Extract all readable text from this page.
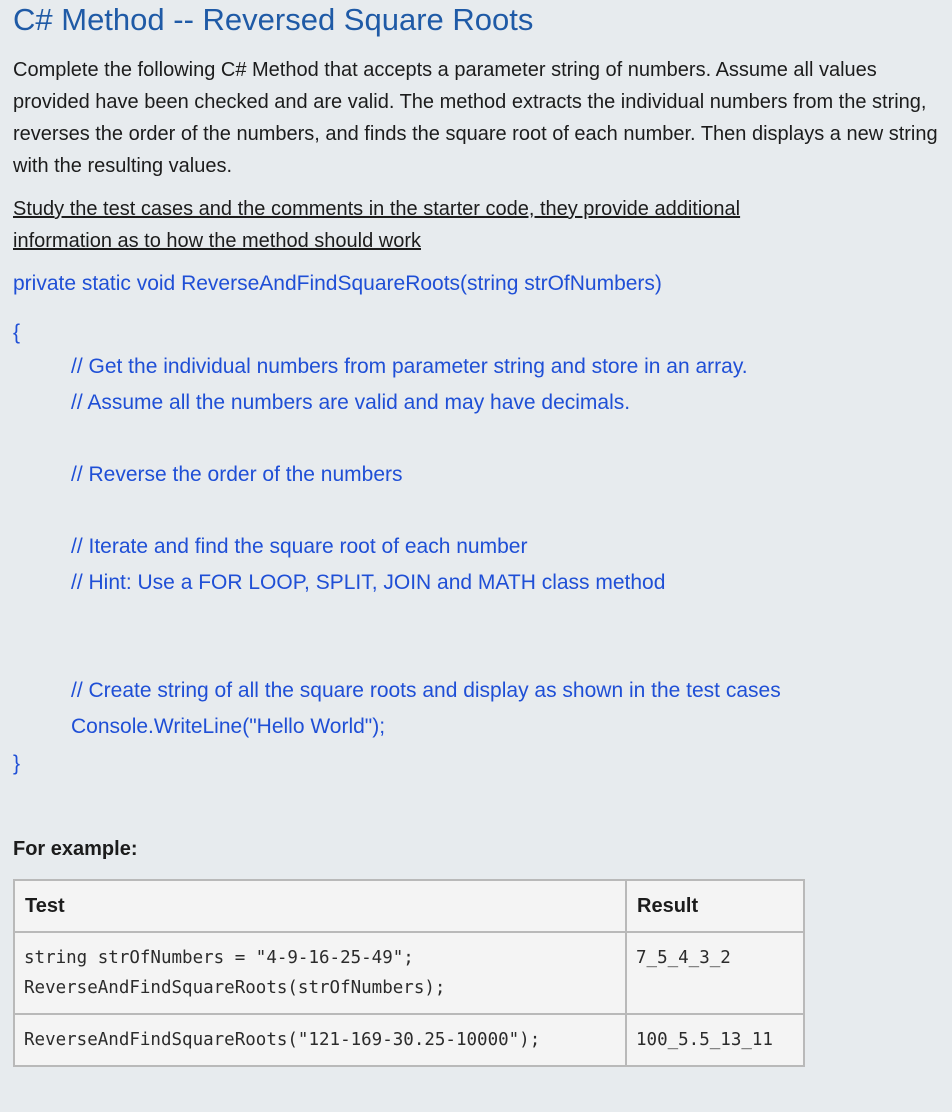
C# Method -- Reversed Square Roots

Complete the following C# Method that accepts a parameter string of numbers. Assume all values provided have been checked and are valid. The method extracts the individual numbers from the string, reverses the order of the numbers, and finds the square root of each number. Then displays a new string with the resulting values.

Study the test cases and the comments in the starter code, they provide additional information as to how the method should work

private static void ReverseAndFindSquareRoots(string strOfNumbers)
{
// Get the individual numbers from parameter string and store in an array.
// Assume all the numbers are valid and may have decimals.
// Reverse the order of the numbers
// Iterate and find the square root of each number
// Hint: Use a FOR LOOP, SPLIT, JOIN and MATH class method
// Create string of all the square roots and display as shown in the test cases
Console.WriteLine("Hello World");
}

For example:

Test	Result

string strOfNumbers = "4-9-16-25-49";
ReverseAndFindSquareRoots(strOfNumbers);	7_5_4_3_2

ReverseAndFindSquareRoots("121-169-30.25-10000");	100_5.5_13_11
